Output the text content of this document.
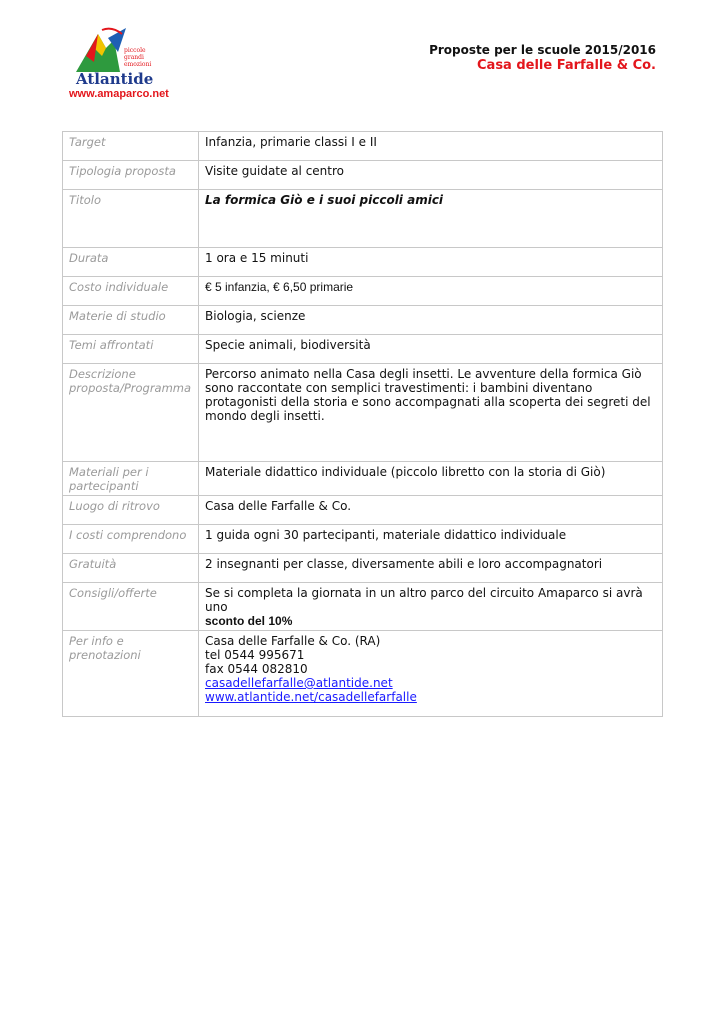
Atlantide
piccole
grandi
emozioni
www.amaparco.net
Proposte per le scuole 2015/2016
Casa delle Farfalle & Co.
Target	Infanzia, primarie classi I e II
Tipologia proposta	Visite guidate al centro
Titolo	La formica Giò e i suoi piccoli amici
Durata	1 ora e 15 minuti
Costo individuale	€ 5 infanzia, € 6,50 primarie
Materie di studio	Biologia, scienze
Temi affrontati	Specie animali, biodiversità
Descrizione proposta/Programma	Percorso animato nella Casa degli insetti. Le avventure della formica Giò sono raccontate con semplici travestimenti: i bambini diventano protagonisti della storia e sono accompagnati alla scoperta dei segreti del mondo degli insetti.
Materiali per i partecipanti	Materiale didattico individuale (piccolo libretto con la storia di Giò)
Luogo di ritrovo	Casa delle Farfalle & Co.
I costi comprendono	1 guida ogni 30 partecipanti, materiale didattico individuale
Gratuità	2 insegnanti per classe, diversamente abili e loro accompagnatori
Consigli/offerte	Se si completa la giornata in un altro parco del circuito Amaparco si avrà uno
sconto del 10%

Per info e prenotazioni	Casa delle Farfalle & Co. (RA)
tel 0544 995671
fax 0544 082810
casadellefarfalle@atlantide.net
www.atlantide.net/casadellefarfalle
